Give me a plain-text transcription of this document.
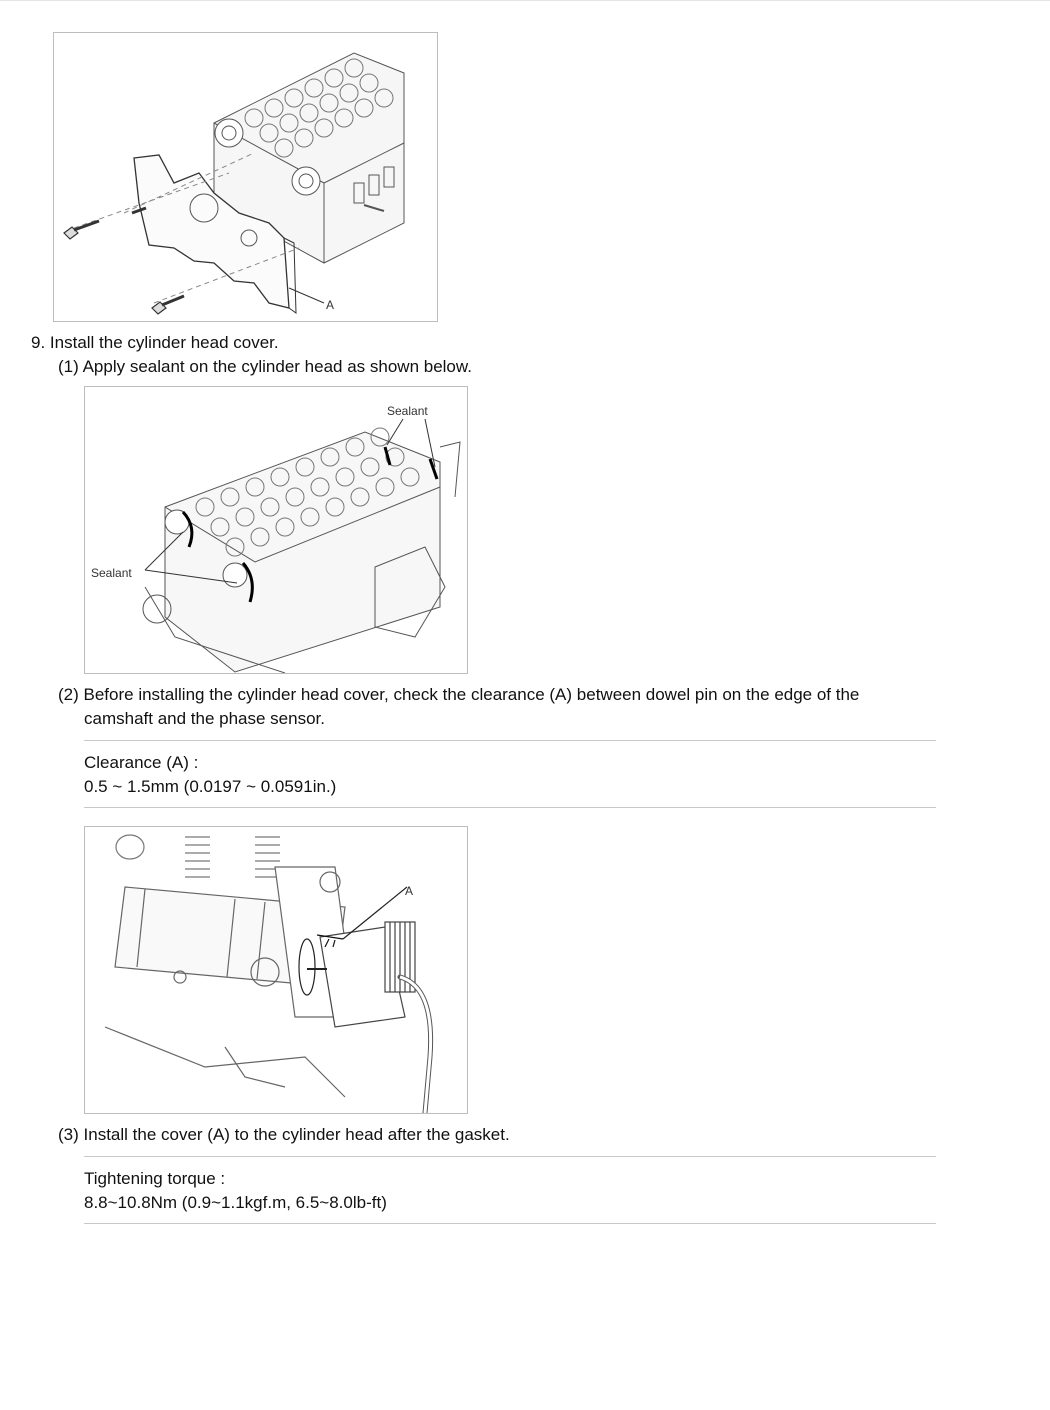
A
9. Install the cylinder head cover.
(1) Apply sealant on the cylinder head as shown below.
Sealant
Sealant
(2) Before installing the cylinder head cover, check the clearance (A) between dowel pin on the edge of the
camshaft and the phase sensor.
Clearance (A) :
0.5 ~ 1.5mm (0.0197 ~ 0.0591in.)
A
(3) Install the cover (A) to the cylinder head after the gasket.
Tightening torque :
8.8~10.8Nm (0.9~1.1kgf.m, 6.5~8.0lb-ft)
